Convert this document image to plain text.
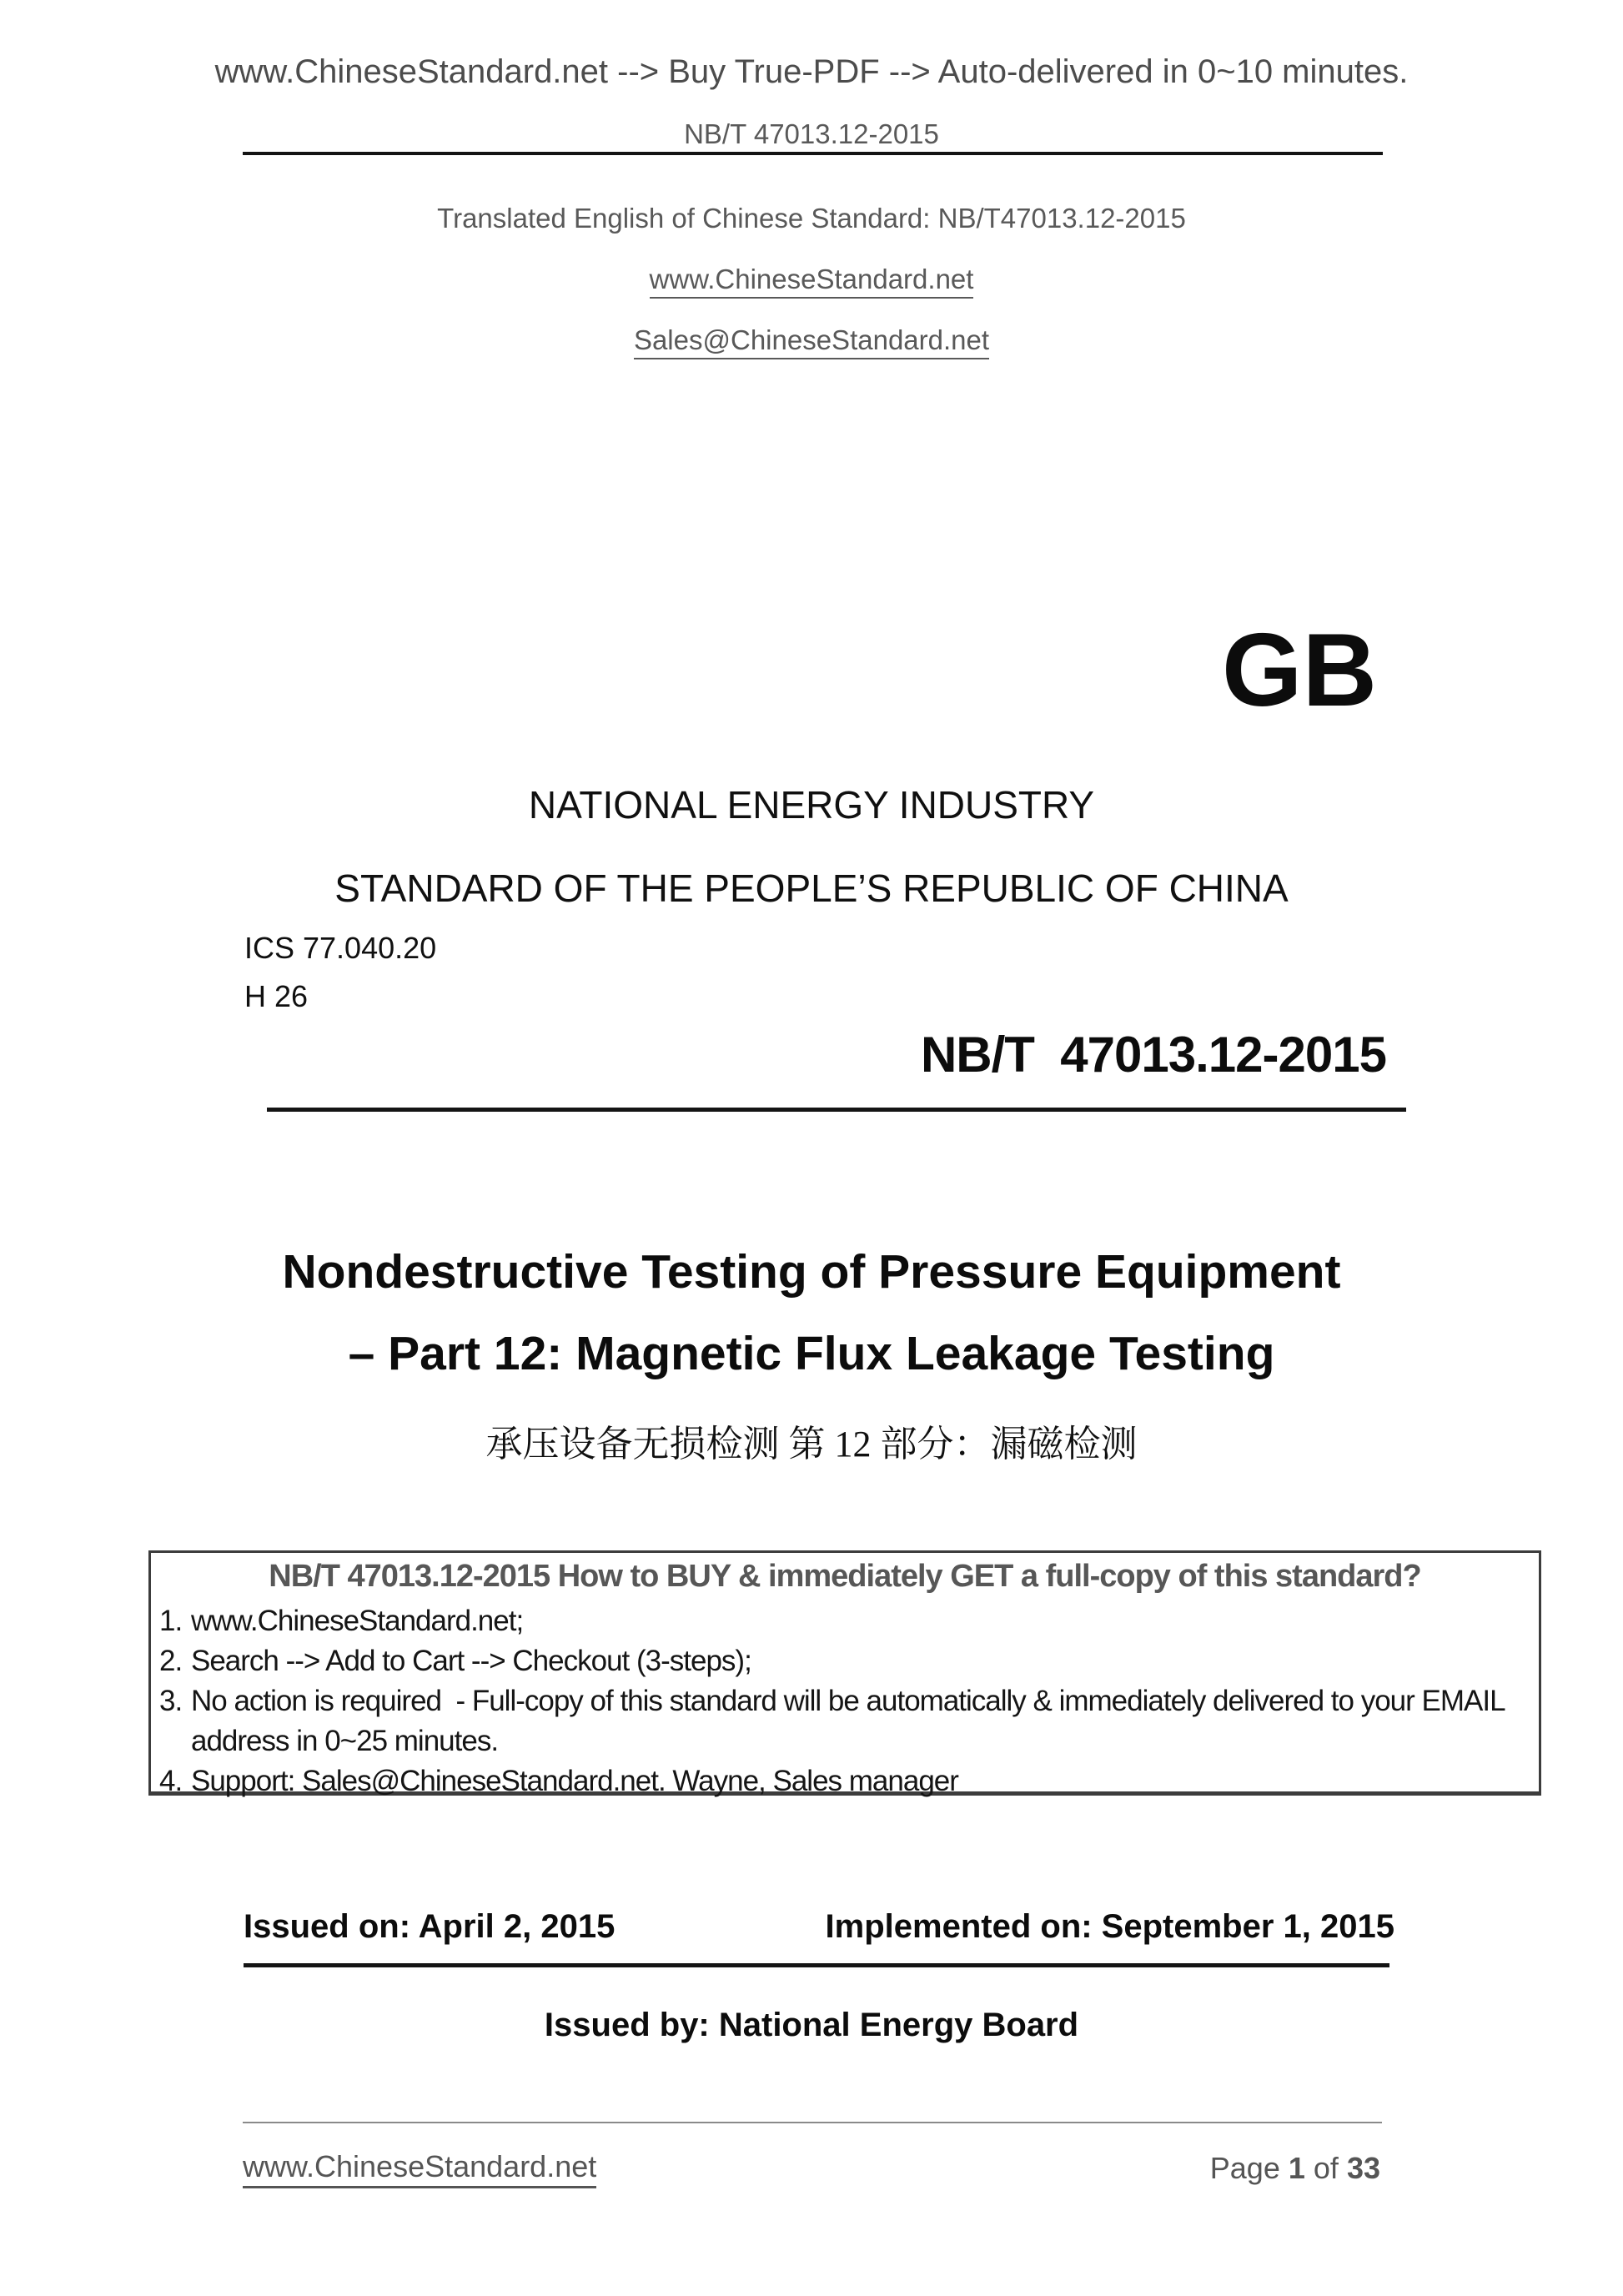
www.ChineseStandard.net --> Buy True-PDF --> Auto-delivered in 0~10 minutes.
NB/T 47013.12-2015
Translated English of Chinese Standard: NB/T47013.12-2015
www.ChineseStandard.net
Sales@ChineseStandard.net
GB
NATIONAL ENERGY INDUSTRY
STANDARD OF THE PEOPLE’S REPUBLIC OF CHINA
ICS 77.040.20
H 26
NB/T  47013.12-2015
Nondestructive Testing of Pressure Equipment
– Part 12: Magnetic Flux Leakage Testing
承压设备无损检测 第 12 部分：漏磁检测
NB/T 47013.12-2015 How to BUY & immediately GET a full-copy of this standard?
1. www.ChineseStandard.net;
2. Search --> Add to Cart --> Checkout (3-steps);
3. No action is required  - Full-copy of this standard will be automatically & immediately delivered to your EMAIL address in 0~25 minutes.
4. Support: Sales@ChineseStandard.net. Wayne, Sales manager
Issued on: April 2, 2015	Implemented on: September 1, 2015
Issued by: National Energy Board
www.ChineseStandard.net	Page 1 of 33
